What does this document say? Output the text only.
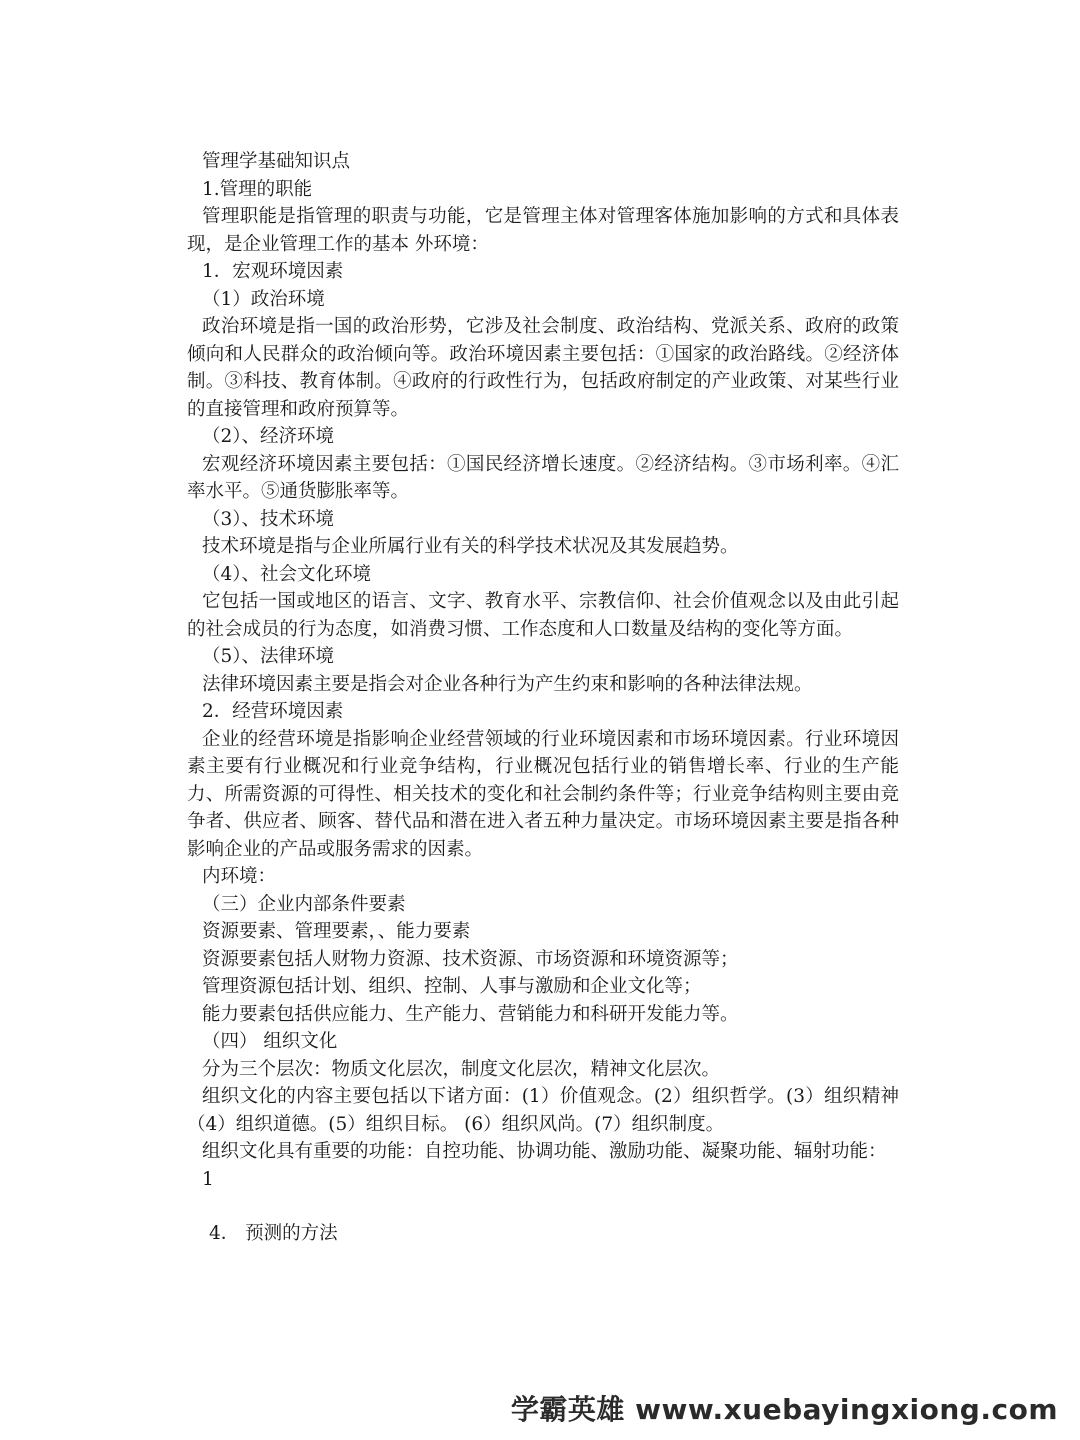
管理学基础知识点

1.管理的职能

管理职能是指管理的职责与功能，它是管理主体对管理客体施加影响的方式和具体表现，是企业管理工作的基本 外环境：

1．宏观环境因素

（1）政治环境

政治环境是指一国的政治形势，它涉及社会制度、政治结构、党派关系、政府的政策倾向和人民群众的政治倾向等。政治环境因素主要包括：①国家的政治路线。②经济体制。③科技、教育体制。④政府的行政性行为，包括政府制定的产业政策、对某些行业的直接管理和政府预算等。

（2）、经济环境

宏观经济环境因素主要包括：①国民经济增长速度。②经济结构。③市场利率。④汇率水平。⑤通货膨胀率等。

（3）、技术环境

技术环境是指与企业所属行业有关的科学技术状况及其发展趋势。

（4）、社会文化环境

它包括一国或地区的语言、文字、教育水平、宗教信仰、社会价值观念以及由此引起的社会成员的行为态度，如消费习惯、工作态度和人口数量及结构的变化等方面。

（5）、法律环境

法律环境因素主要是指会对企业各种行为产生约束和影响的各种法律法规。

2．经营环境因素

企业的经营环境是指影响企业经营领域的行业环境因素和市场环境因素。行业环境因素主要有行业概况和行业竞争结构，行业概况包括行业的销售增长率、行业的生产能力、所需资源的可得性、相关技术的变化和社会制约条件等；行业竞争结构则主要由竞争者、供应者、顾客、替代品和潜在进入者五种力量决定。市场环境因素主要是指各种影响企业的产品或服务需求的因素。

内环境：

（三）企业内部条件要素

资源要素、管理要素，、能力要素

资源要素包括人财物力资源、技术资源、市场资源和环境资源等；

管理资源包括计划、组织、控制、人事与激励和企业文化等；

能力要素包括供应能力、生产能力、营销能力和科研开发能力等。

（四） 组织文化

分为三个层次：物质文化层次，制度文化层次，精神文化层次。

组织文化的内容主要包括以下诸方面：(1）价值观念。(2）组织哲学。(3）组织精神（4）组织道德。(5）组织目标。 (6）组织风尚。(7）组织制度。

组织文化具有重要的功能：自控功能、协调功能、激励功能、凝聚功能、辐射功能：

1

4． 预测的方法

学霸英雄 www.xuebayingxiong.com
